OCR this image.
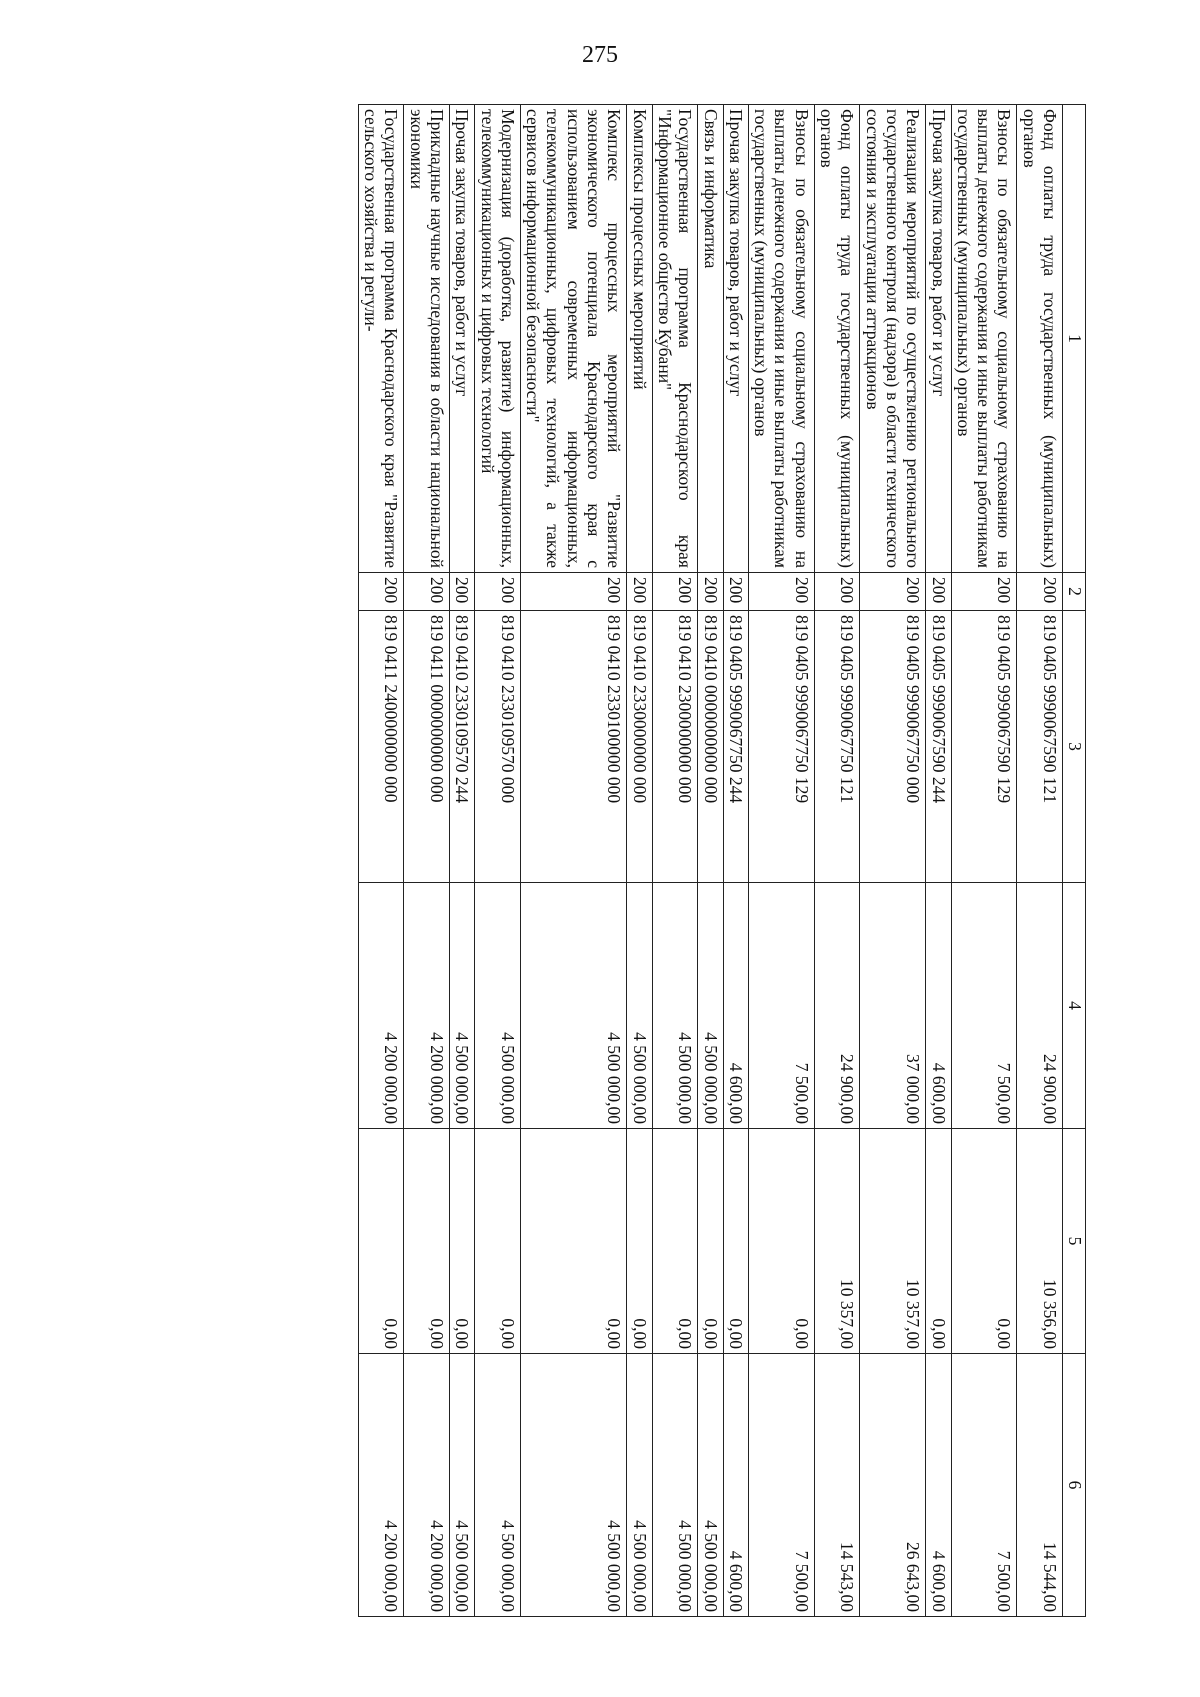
275
1	2	3	4	5	6
Фонд оплаты труда государственных (муниципальных) органов	200	819 0405 9990067590 121	24 900,00	10 356,00	14 544,00
Взносы по обязательному социальному страхованию на выплаты денежного содержания и иные выплаты работникам государственных (муниципальных) органов	200	819 0405 9990067590 129	7 500,00	0,00	7 500,00
Прочая закупка товаров, работ и услуг	200	819 0405 9990067590 244	4 600,00	0,00	4 600,00
Реализация мероприятий по осуществлению регионального государственного контроля (надзора) в области технического состояния и эксплуатации аттракционов	200	819 0405 9990067750 000	37 000,00	10 357,00	26 643,00
Фонд оплаты труда государственных (муниципальных) органов	200	819 0405 9990067750 121	24 900,00	10 357,00	14 543,00
Взносы по обязательному социальному страхованию на выплаты денежного содержания и иные выплаты работникам государственных (муниципальных) органов	200	819 0405 9990067750 129	7 500,00	0,00	7 500,00
Прочая закупка товаров, работ и услуг	200	819 0405 9990067750 244	4 600,00	0,00	4 600,00
Связь и информатика	200	819 0410 0000000000 000	4 500 000,00	0,00	4 500 000,00
Государственная программа Краснодарского края "Информационное общество Кубани"	200	819 0410 2300000000 000	4 500 000,00	0,00	4 500 000,00
Комплексы процессных мероприятий	200	819 0410 2330000000 000	4 500 000,00	0,00	4 500 000,00
Комплекс процессных мероприятий "Развитие экономического потенциала Краснодарского края с использованием современных информационных, телекоммуникационных, цифровых технологий, а также сервисов информационной безопасности"	200	819 0410 2330100000 000	4 500 000,00	0,00	4 500 000,00
Модернизация (доработка, развитие) информационных, телекоммуникационных и цифровых технологий	200	819 0410 2330109570 000	4 500 000,00	0,00	4 500 000,00
Прочая закупка товаров, работ и услуг	200	819 0410 2330109570 244	4 500 000,00	0,00	4 500 000,00
Прикладные научные исследования в области национальной экономики	200	819 0411 0000000000 000	4 200 000,00	0,00	4 200 000,00
Государственная программа Краснодарского края "Развитие сельского хозяйства и регули-	200	819 0411 2400000000 000	4 200 000,00	0,00	4 200 000,00
